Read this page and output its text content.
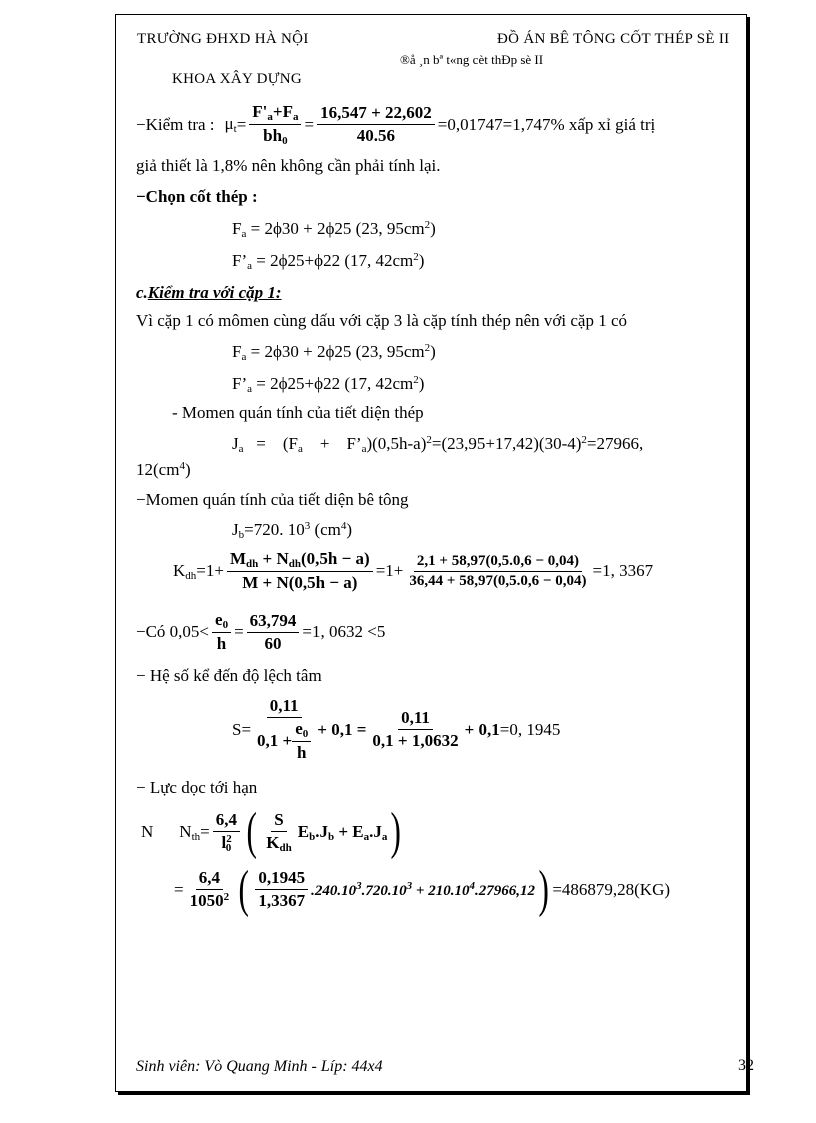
TRƯỜNG ĐHXD HÀ NỘI	ĐỒ ÁN BÊ TÔNG CỐT THÉP SÈ II
®å ¸n bª t«ng cèt thÐp sè II
KHOA XÂY DỰNG
−Kiểm tra : $\mu_t = \frac{F'_a+F_a}{bh_0} = \frac{16,547 + 22,602}{40.56} =0,01747=1,747\%$ xấp xỉ giá trị
giả thiết là 1,8% nên không cần phải tính lại.
−Chọn cốt thép :
$F_a = 2\phi 30 + 2\phi 25$ (23, $95cm^2$)
$F’_a = 2\phi 25+\phi 22$ (17, $42cm^2$)
c.Kiểm tra với cặp 1:
Vì cặp 1 có mômen cùng dấu với cặp 3 là cặp tính thép nên với cặp 1 có
$F_a = 2\phi 30 + 2\phi 25$ (23, $95cm^2$)
$F’_a = 2\phi 25+\phi 22$ (17, $42cm^2$)
- Momen quán tính của tiết diện thép
$J_a$   =    ($F_a$    +    $F’_a)(0,5h-a)^2=(23,95+17,42)(30-4)^2=27966$,
$12(cm^4)$
−Momen quán tính của tiết diện bê tông
$J_b=720$. $10^3$ $(cm^4)$
$K_{dh} =1+ \frac{M_{dh} + N_{dh}(0,5h - a)}{M + N(0,5h - a)} =1+ \frac{2,1 + 58,97(0,5.0,6 - 0,04)}{36,44 + 58,97(0,5.0,6 - 0,04)} =1$, 3367
−Có $0,05< \frac{e_0}{h} = \frac{63,794}{60} =1$, 0632 <5
− Hệ số kể đến độ lệch tâm
$S= \frac{0,11}{0,1 + \frac{e_0}{h}} + 0,1 = \frac{0,11}{0,1 + 1,0632} + 0,1 =0$, 1945
− Lực dọc tới hạn
N $N_{th} = \frac{6,4}{l^2_0}$ ( $\frac{S}{K_{dh}} E_b.J_b + E_a.J_a$ )
= $\frac{6,4}{1050^2}$ ( $\frac{0,1945}{1,3367} .240.10^3.720.10^3 + 210.10^4.27966,12$ ) =486879,28(KG)
Sinh viên: Vò Quang Minh - Líp: 44x4	32
